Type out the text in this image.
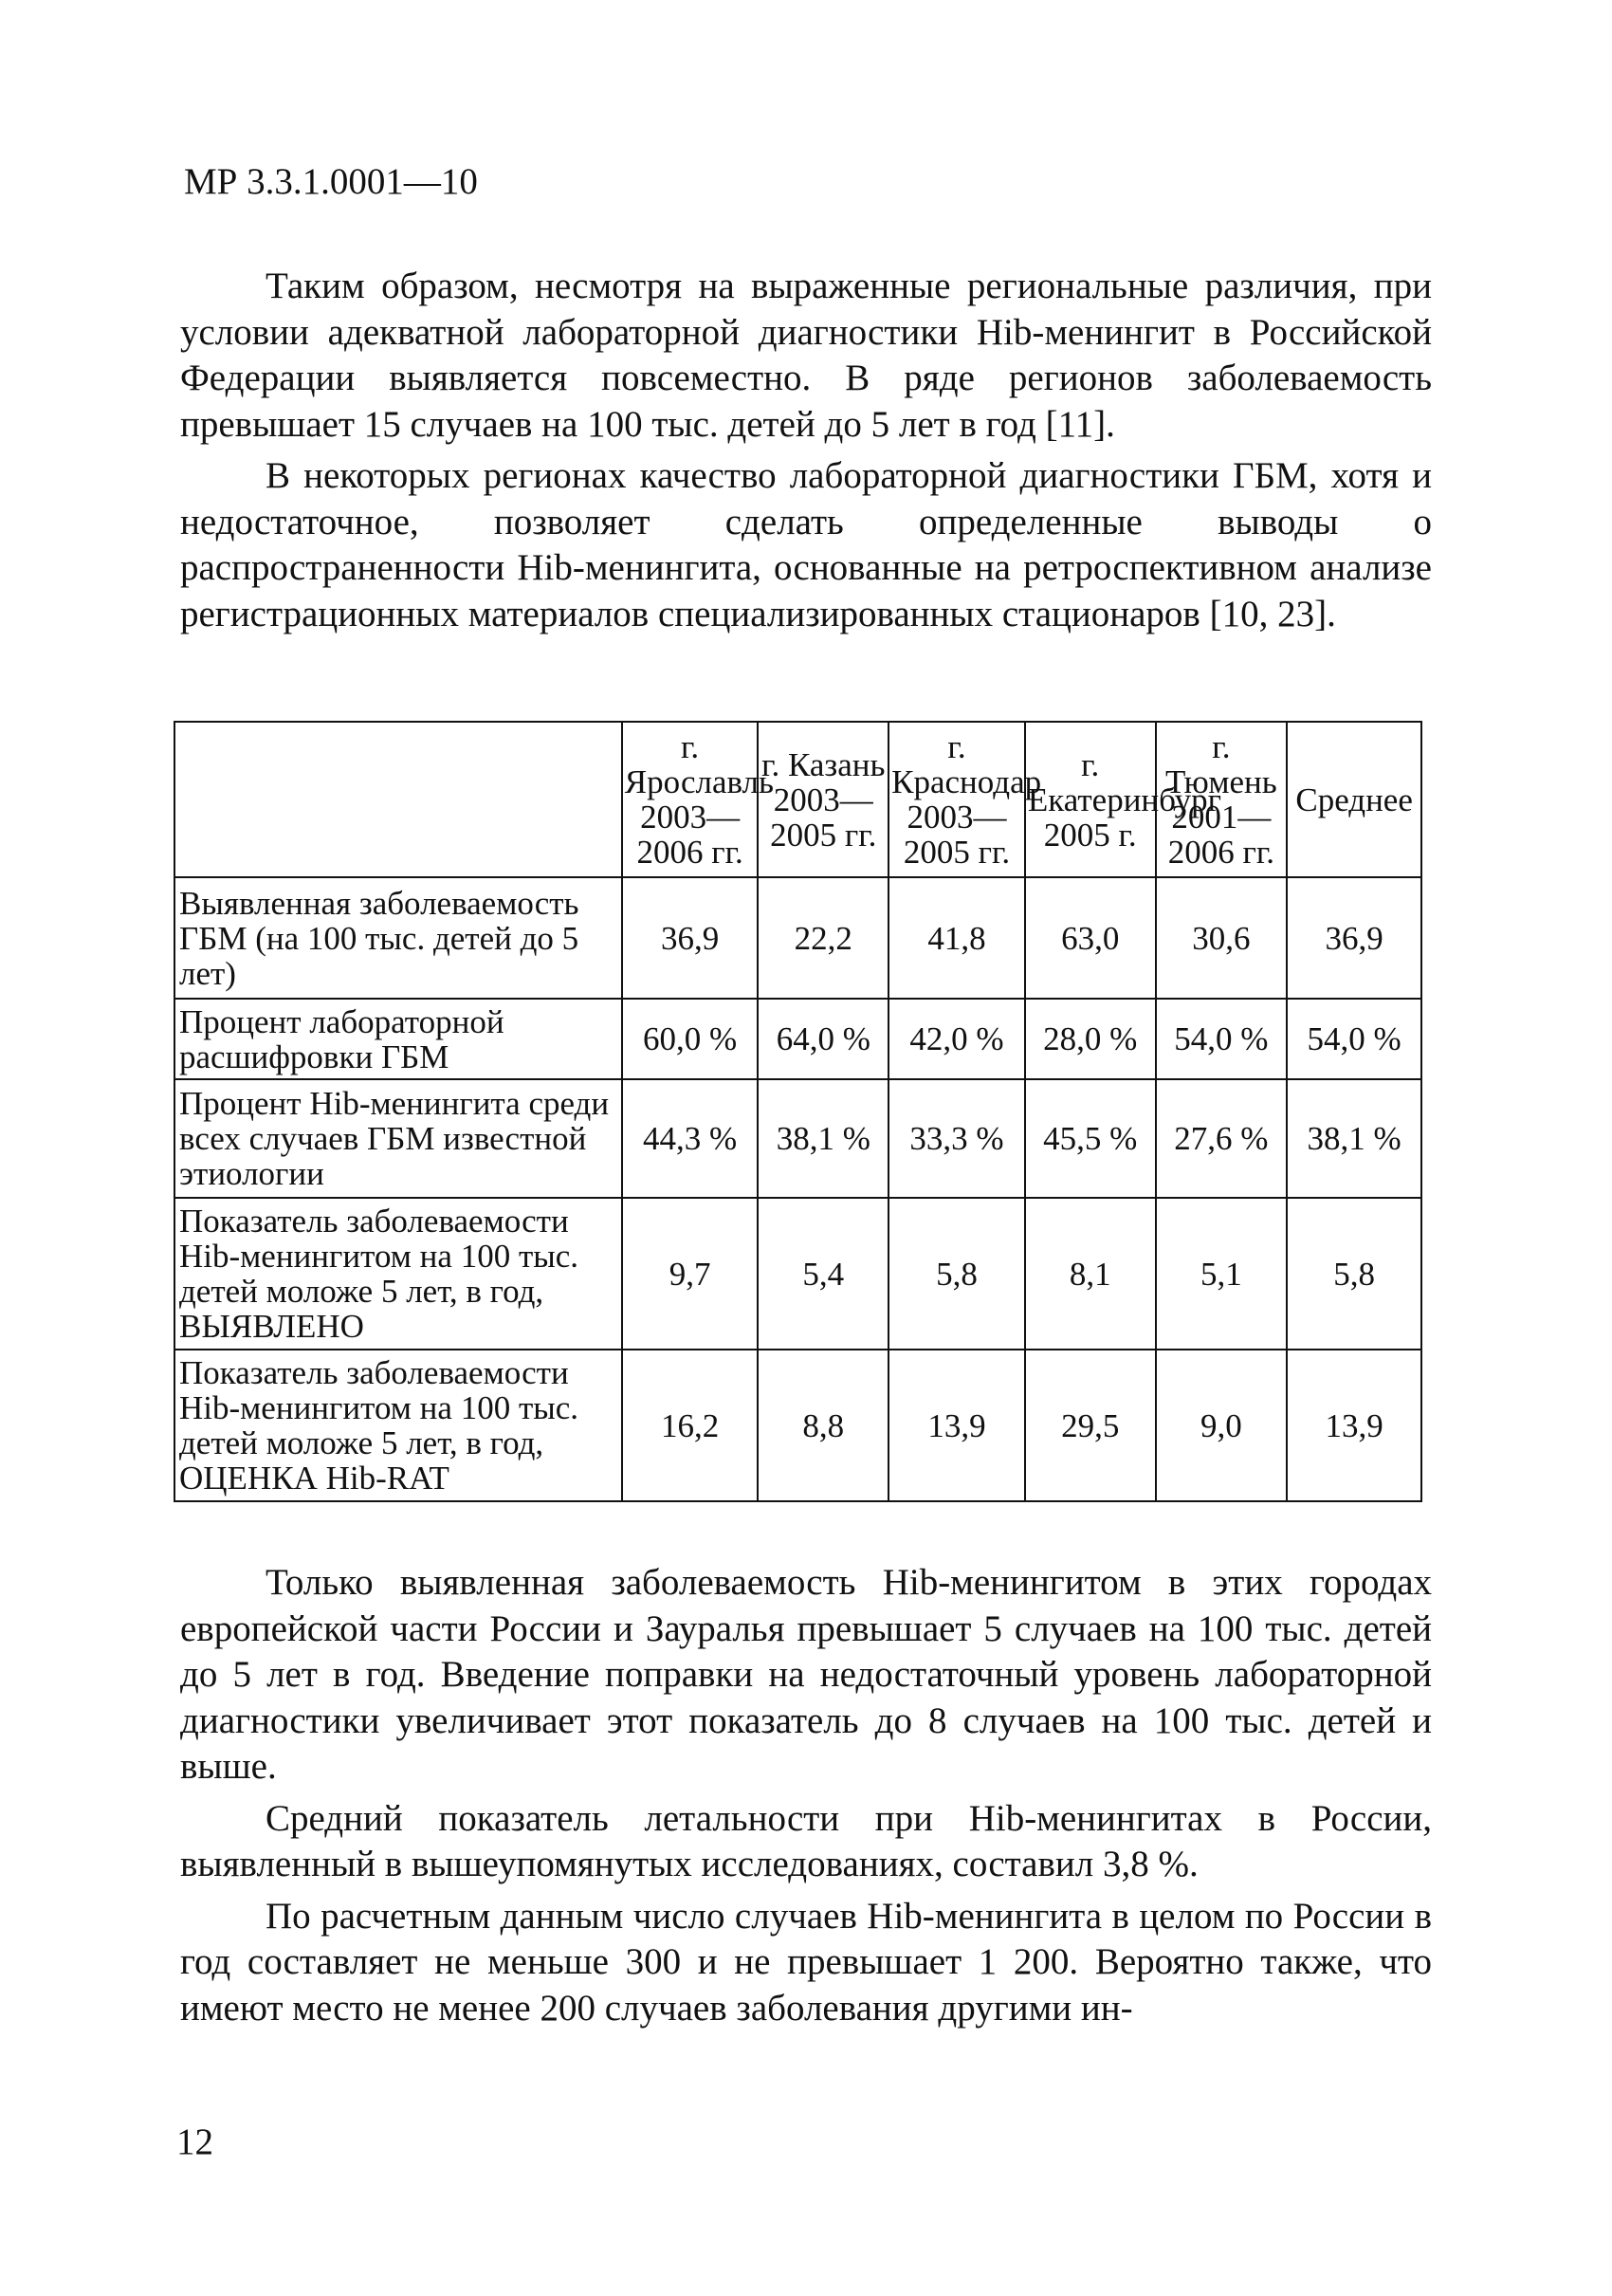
МР 3.3.1.0001—10

Таким образом, несмотря на выраженные региональные различия, при условии адекватной лабораторной диагностики Hib-менингит в Российской Федерации выявляется повсеместно. В ряде регионов заболеваемость превышает 15 случаев на 100 тыс. детей до 5 лет в год [11].

В некоторых регионах качество лабораторной диагностики ГБМ, хотя и недостаточное, позволяет сделать определенные выводы о распространенности Hib-менингита, основанные на ретроспективном анализе регистрационных материалов специализированных стационаров [10, 23].

	г. Ярославль 2003—2006 гг.	г. Казань 2003—2005 гг.	г. Краснодар 2003—2005 гг.	г. Екатеринбург 2005 г.	г. Тюмень 2001—2006 гг.	Среднее
Выявленная заболеваемость ГБМ (на 100 тыс. детей до 5 лет)	36,9	22,2	41,8	63,0	30,6	36,9
Процент лабораторной расшифровки ГБМ	60,0 %	64,0 %	42,0 %	28,0 %	54,0 %	54,0 %
Процент Hib-менингита среди всех случаев ГБМ известной этиологии	44,3 %	38,1 %	33,3 %	45,5 %	27,6 %	38,1 %
Показатель заболеваемости Hib-менингитом на 100 тыс. детей моложе 5 лет, в год, ВЫЯВЛЕНО	9,7	5,4	5,8	8,1	5,1	5,8
Показатель заболеваемости Hib-менингитом на 100 тыс. детей моложе 5 лет, в год, ОЦЕНКА Hib-RAT	16,2	8,8	13,9	29,5	9,0	13,9

Только выявленная заболеваемость Hib-менингитом в этих городах европейской части России и Зауралья превышает 5 случаев на 100 тыс. детей до 5 лет в год. Введение поправки на недостаточный уровень лабораторной диагностики увеличивает этот показатель до 8 случаев на 100 тыс. детей и выше.

Средний показатель летальности при Hib-менингитах в России, выявленный в вышеупомянутых исследованиях, составил 3,8 %.

По расчетным данным число случаев Hib-менингита в целом по России в год составляет не меньше 300 и не превышает 1 200. Вероятно также, что имеют место не менее 200 случаев заболевания другими ин-

12
